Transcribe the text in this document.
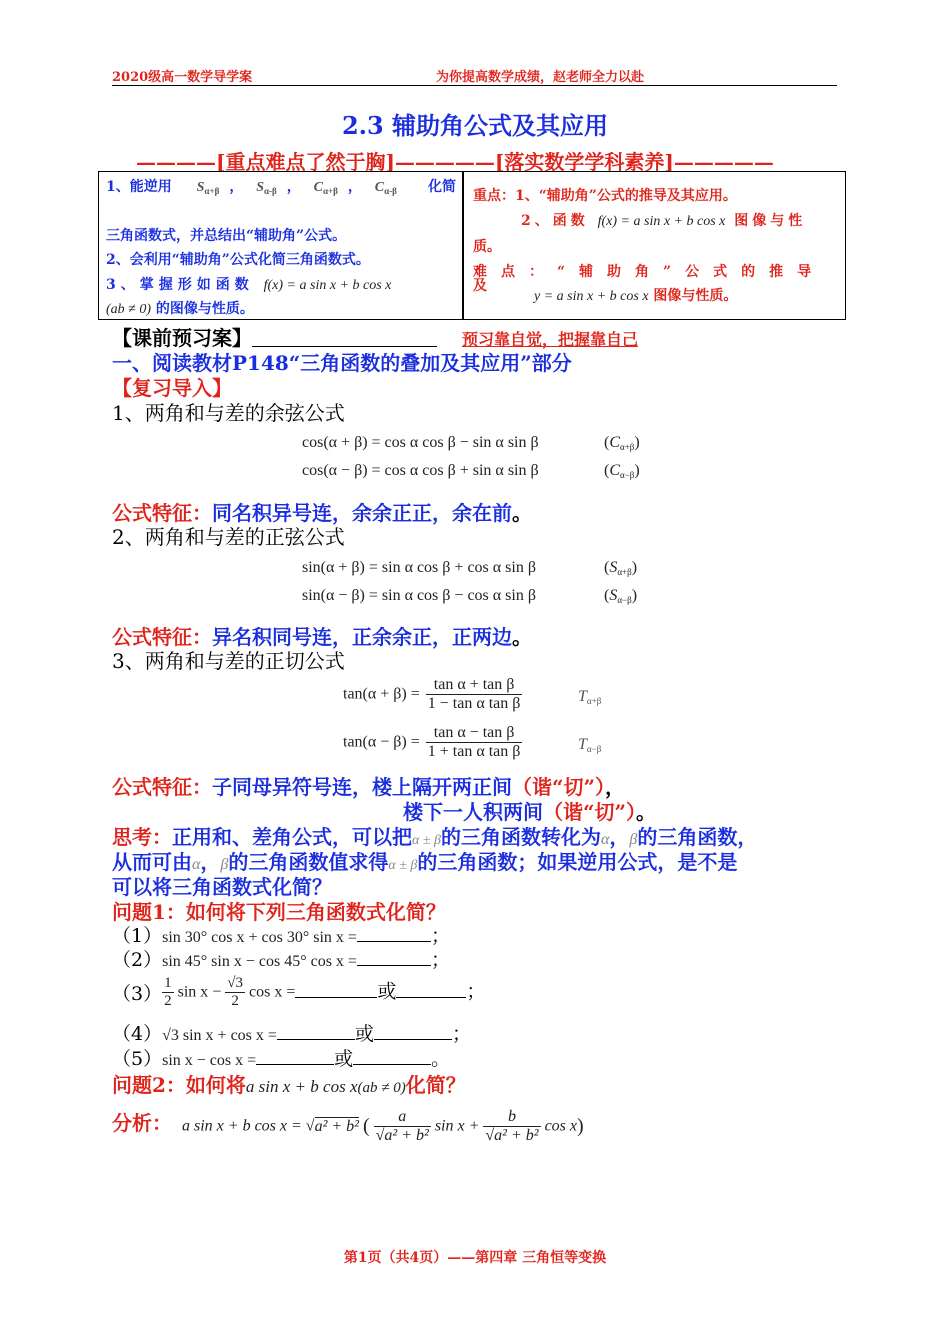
2020级高一数学导学案	为你提高数学成绩，赵老师全力以赴
2.3 辅助角公式及其应用
————[重点难点了然于胸]—————[落实数学学科素养]—————
1、能逆用 $S_{\alpha+\beta}$ ， $S_{\alpha-\beta}$ ， $C_{\alpha+\beta}$ ， $C_{\alpha-\beta}$ 化简
三角函数式，并总结出“辅助角”公式。
2、会利用“辅助角”公式化简三角函数式。
3、掌握形如函数 f(x) = a sin x + b cos x
(ab ≠ 0) 的图像与性质。
重点：1、“辅助角”公式的推导及其应用。
2、函数 f(x) = a sin x + b cos x 图像与性
质。
难点：“辅助角”公式的推导及
y = a sin x + b cos x 图像与性质。
【课前预习案】	预习靠自觉，把握靠自己
一、阅读教材P148“三角函数的叠加及其应用”部分
【复习导入】
1、两角和与差的余弦公式
cos(α + β) = cos α cos β − sin α sin β	$(C_{\alpha+\beta})$
cos(α − β) = cos α cos β + sin α sin β	$(C_{\alpha-\beta})$
公式特征：同名积异号连，余余正正，余在前。
2、两角和与差的正弦公式
sin(α + β) = sin α cos β + cos α sin β	$(S_{\alpha+\beta})$
sin(α − β) = sin α cos β − cos α sin β	$(S_{\alpha-\beta})$
公式特征：异名积同号连，正余余正，正两边。
3、两角和与差的正切公式
$\tan(\alpha + \beta) = \frac{\text{tan α + tan β}}{\text{1 − tan α tan β}}$	$T_{\alpha+\beta}$
$\tan(\alpha - \beta) = \frac{\text{tan α − tan β}}{\text{1 + tan α tan β}}$	$T_{\alpha-\beta}$
公式特征：子同母异符号连，楼上隔开两正间（谐“切”），
楼下一人积两间（谐“切”）。
思考：正用和、差角公式，可以把α ± β的三角函数转化为α，β的三角函数，
从而可由α，β的三角函数值求得α ± β的三角函数；如果逆用公式，是不是
可以将三角函数式化简？
问题1：如何将下列三角函数式化简？
（1）sin 30° cos x + cos 30° sin x =	；
（2）sin 45° sin x − cos 45° cos x =	；
$(3) \frac{1}{2}$ $\sin x - \frac{√3}{2}$ cos x =	或	；
（4）√3 sin x + cos x =	或	；
（5）sin x − cos x =	或	。
问题2：如何将a sin x + b cos x(ab ≠ 0)化简？
分析： a sin x + b cos x = √a² + b² ( $\frac{a}{\text{√a² + b²}}$ $\sin x + \frac{b}{\text{√a² + b²}}$ cos x)
第1页（共4页）——第四章 三角恒等变换
